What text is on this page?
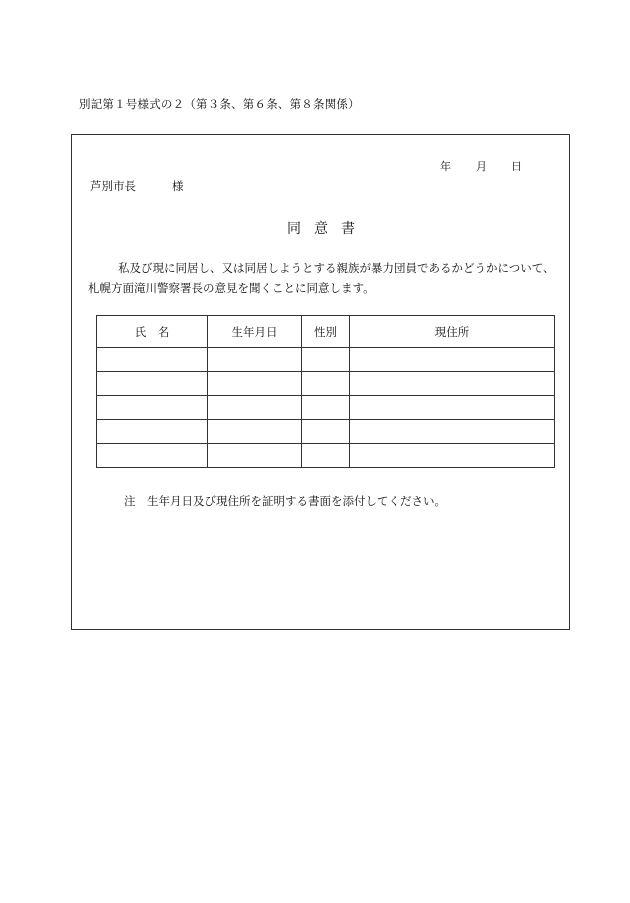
別記第１号様式の２（第３条、第６条、第８条関係）
年 月 日
芦別市長	様
同 意 書
私及び現に同居し、又は同居しようとする親族が暴力団員であるかどうかについて、
札幌方面滝川警察署長の意見を聞くことに同意します。
氏　名	生年月日	性別	現住所

注　生年月日及び現住所を証明する書面を添付してください。
